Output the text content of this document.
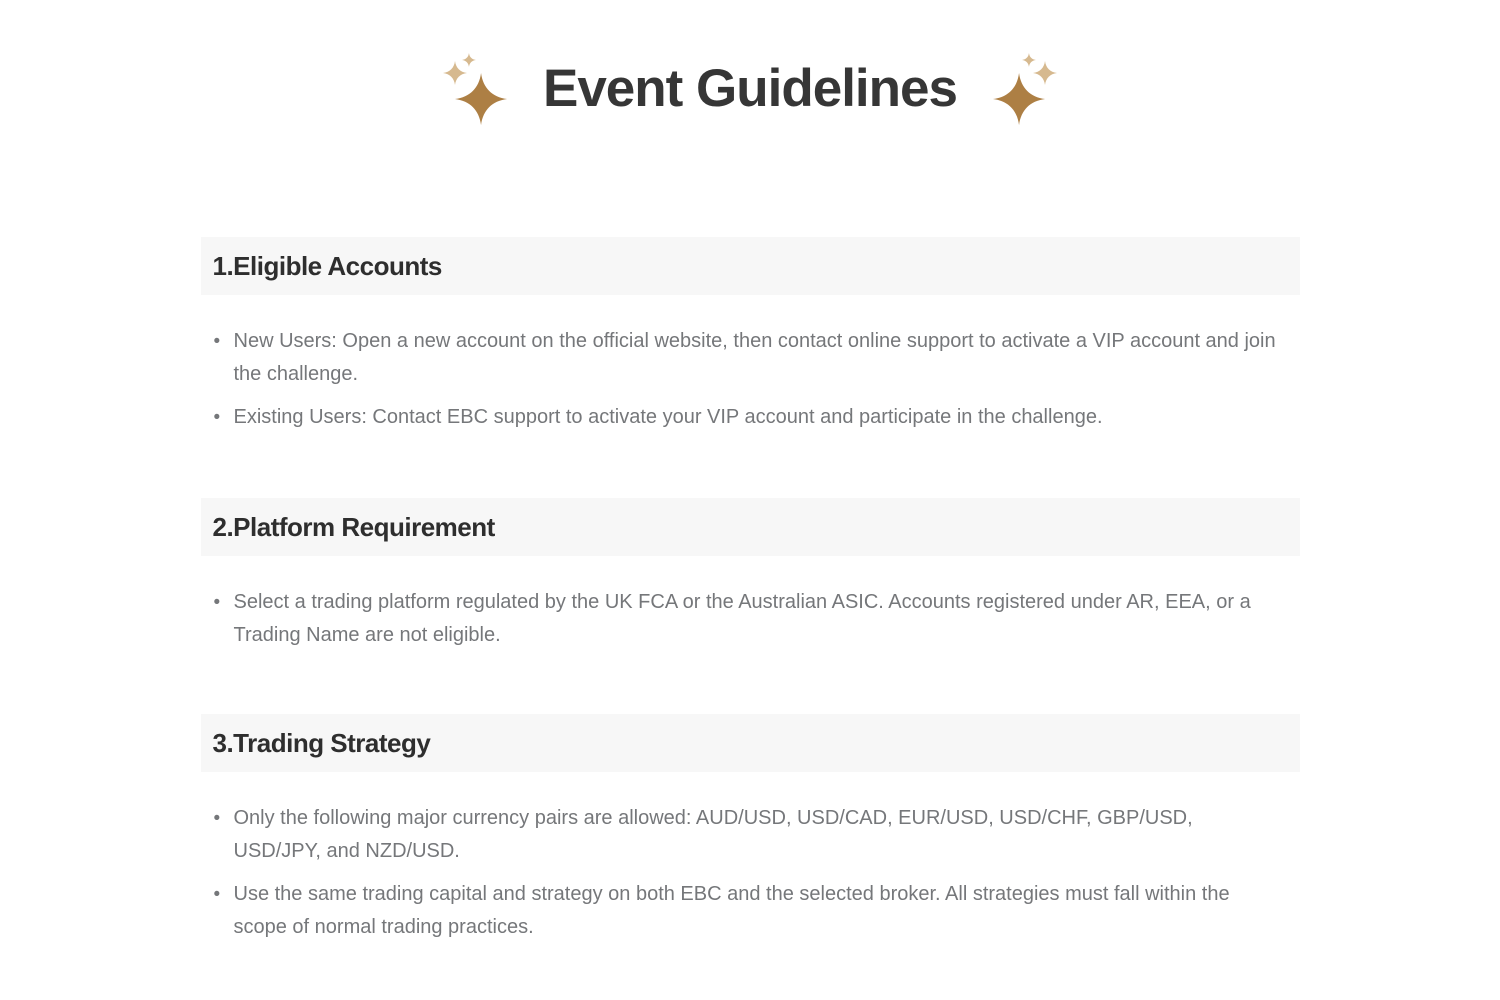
Event Guidelines
1.Eligible Accounts
• New Users: Open a new account on the official website, then contact online support to activate a VIP account and join the challenge.
• Existing Users: Contact EBC support to activate your VIP account and participate in the challenge.
2.Platform Requirement
• Select a trading platform regulated by the UK FCA or the Australian ASIC. Accounts registered under AR, EEA, or a Trading Name are not eligible.
3.Trading Strategy
• Only the following major currency pairs are allowed: AUD/USD, USD/CAD, EUR/USD, USD/CHF, GBP/USD, USD/JPY, and NZD/USD.
• Use the same trading capital and strategy on both EBC and the selected broker. All strategies must fall within the scope of normal trading practices.
